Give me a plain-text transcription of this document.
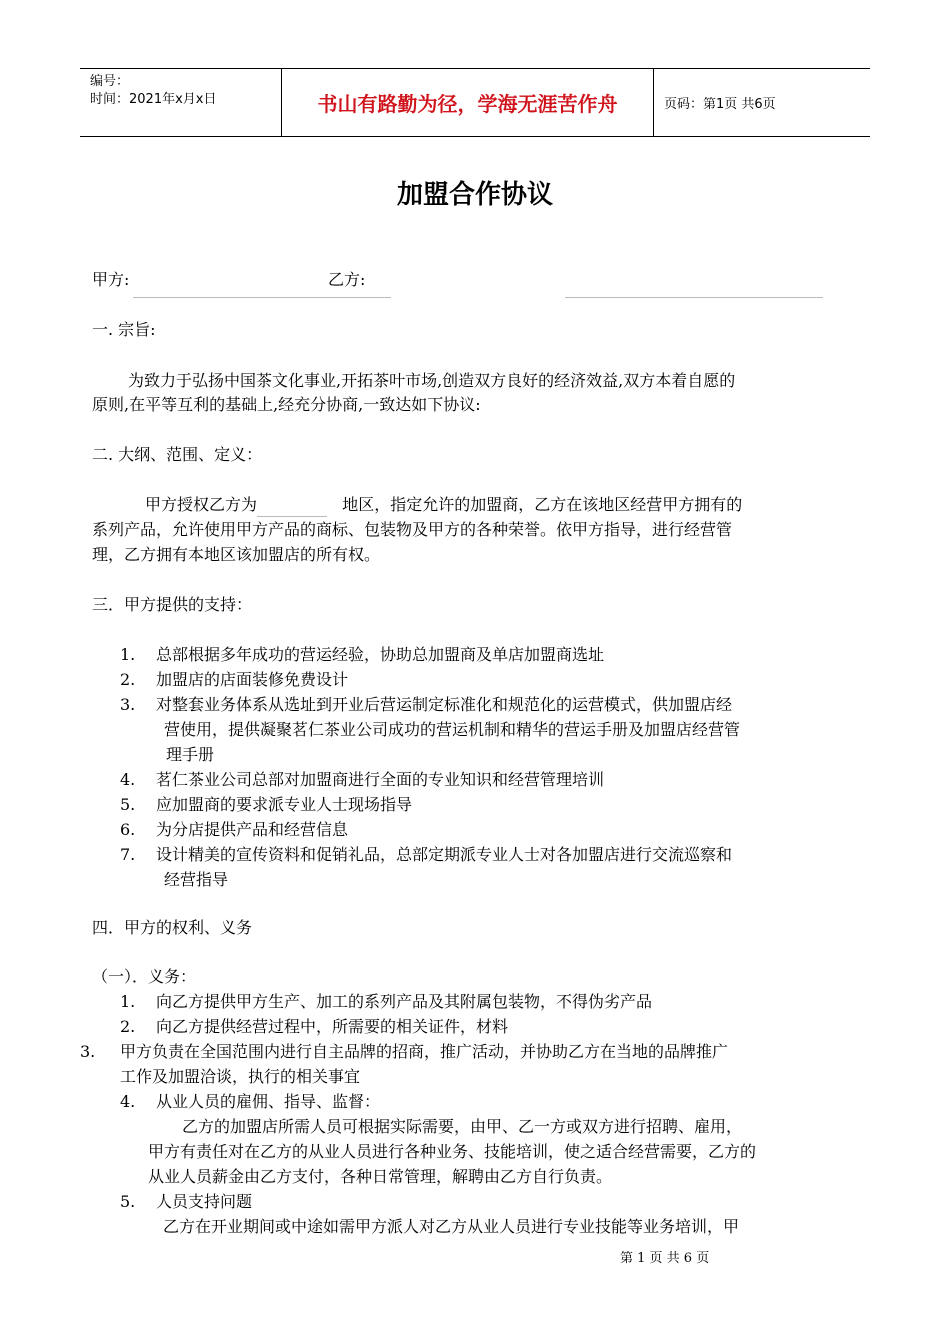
编号：
时间：2021年x月x日	书山有路勤为径，学海无涯苦作舟	页码：第1页 共6页
加盟合作协议
甲方:	乙方:
一. 宗旨:
为致力于弘扬中国茶文化事业,开拓茶叶市场,创造双方良好的经济效益,双方本着自愿的
原则,在平等互利的基础上,经充分协商,一致达如下协议:
二. 大纲、范围、定义：
甲方授权乙方为	地区，指定允许的加盟商，乙方在该地区经营甲方拥有的
系列产品，允许使用甲方产品的商标、包装物及甲方的各种荣誉。依甲方指导，进行经营管
理，乙方拥有本地区该加盟店的所有权。
三．甲方提供的支持：
1. 总部根据多年成功的营运经验，协助总加盟商及单店加盟商选址
2. 加盟店的店面装修免费设计
3. 对整套业务体系从选址到开业后营运制定标准化和规范化的运营模式，供加盟店经
营使用，提供凝聚茗仁茶业公司成功的营运机制和精华的营运手册及加盟店经营管
理手册
4. 茗仁茶业公司总部对加盟商进行全面的专业知识和经营管理培训
5. 应加盟商的要求派专业人士现场指导
6. 为分店提供产品和经营信息
7. 设计精美的宣传资料和促销礼品，总部定期派专业人士对各加盟店进行交流巡察和
经营指导
四．甲方的权利、义务
（一）．义务：
1. 向乙方提供甲方生产、加工的系列产品及其附属包装物，不得伪劣产品
2. 向乙方提供经营过程中，所需要的相关证件，材料
3. 甲方负责在全国范围内进行自主品牌的招商，推广活动，并协助乙方在当地的品牌推广
工作及加盟洽谈，执行的相关事宜
4. 从业人员的雇佣、指导、监督：
乙方的加盟店所需人员可根据实际需要，由甲、乙一方或双方进行招聘、雇用，
甲方有责任对在乙方的从业人员进行各种业务、技能培训，使之适合经营需要，乙方的
从业人员薪金由乙方支付，各种日常管理，解聘由乙方自行负责。
5. 人员支持问题
乙方在开业期间或中途如需甲方派人对乙方从业人员进行专业技能等业务培训，甲
第 1 页 共 6 页
